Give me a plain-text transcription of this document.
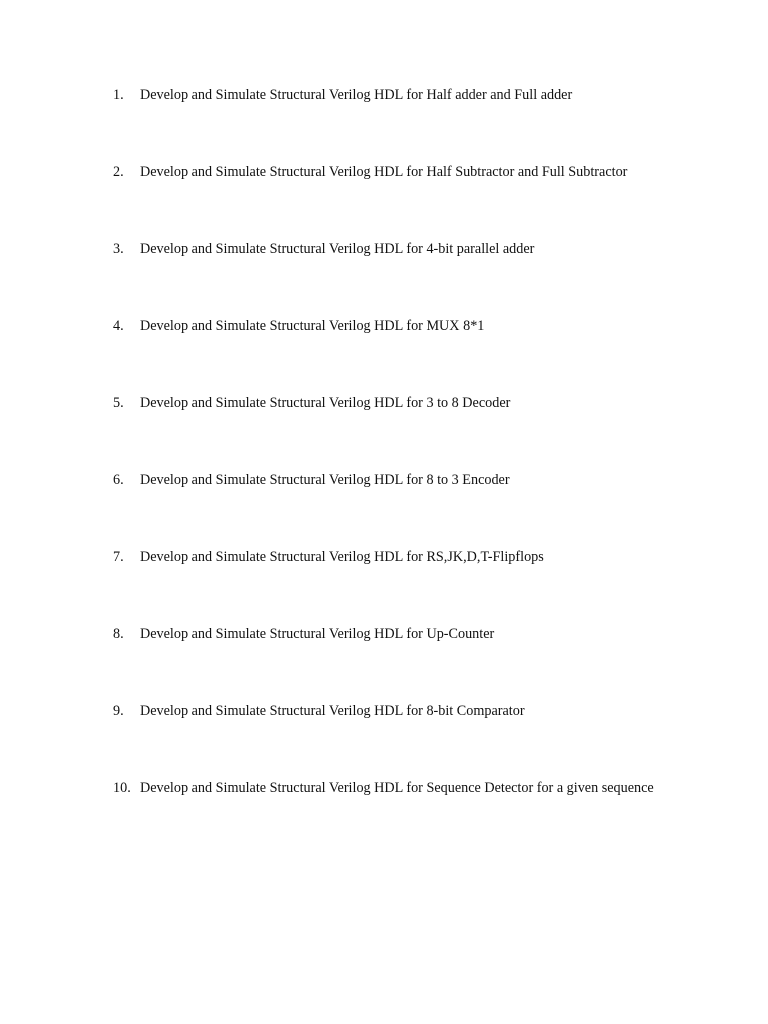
1.	Develop and Simulate Structural Verilog HDL for Half adder and Full adder
2.	Develop and Simulate Structural Verilog HDL for Half Subtractor and Full Subtractor
3.	Develop and Simulate Structural Verilog HDL for 4-bit parallel adder
4.	Develop and Simulate Structural Verilog HDL for MUX 8*1
5.	Develop and Simulate Structural Verilog HDL for 3 to 8 Decoder
6.	Develop and Simulate Structural Verilog HDL for 8 to 3 Encoder
7.	Develop and Simulate Structural Verilog HDL for RS,JK,D,T-Flipflops
8.	Develop and Simulate Structural Verilog HDL for Up-Counter
9.	Develop and Simulate Structural Verilog HDL for 8-bit Comparator
10. Develop and Simulate Structural Verilog HDL for Sequence Detector for a given sequence
